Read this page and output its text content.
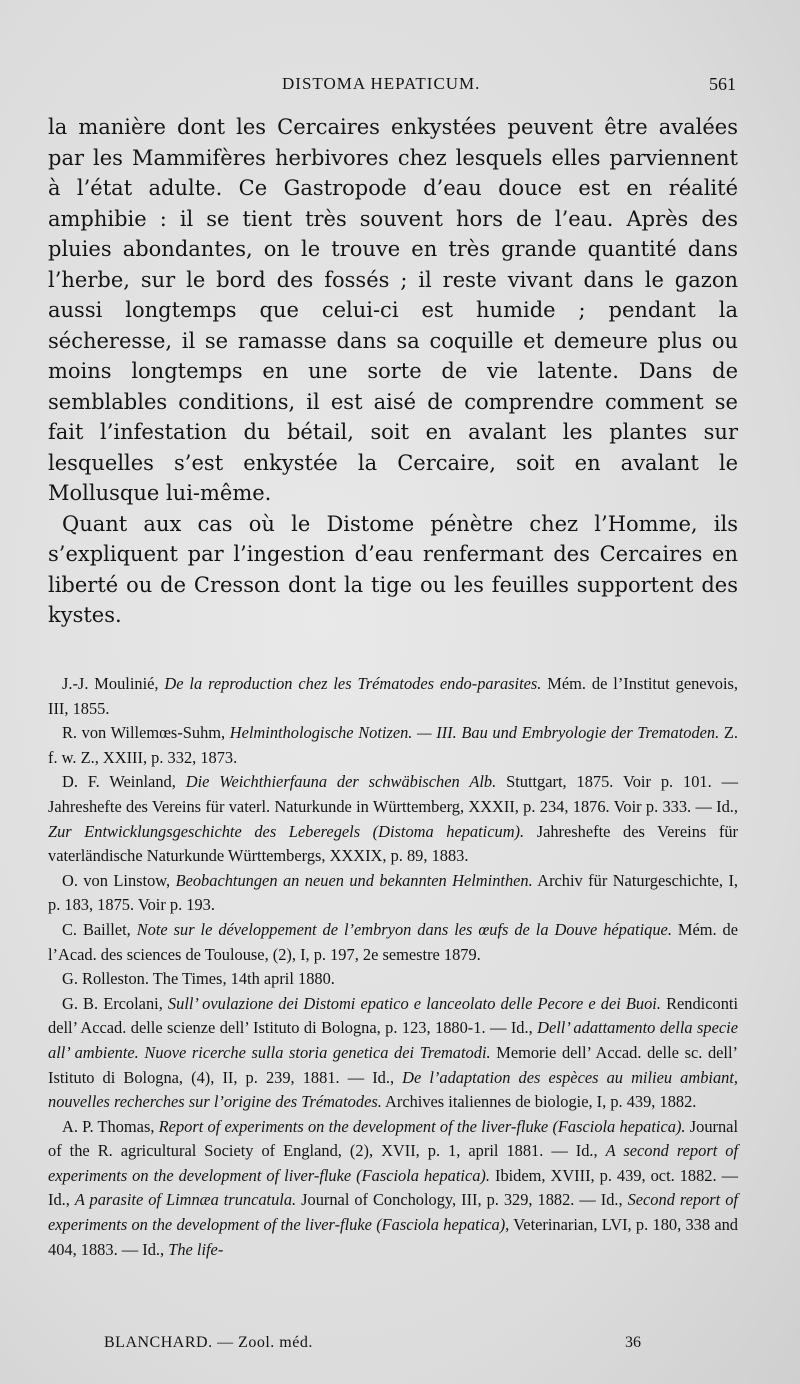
DISTOMA HEPATICUM.	561

la manière dont les Cercaires enkystées peuvent être avalées par les Mammifères herbivores chez lesquels elles parviennent à l’état adulte. Ce Gastropode d’eau douce est en réalité amphibie : il se tient très souvent hors de l’eau. Après des pluies abondantes, on le trouve en très grande quantité dans l’herbe, sur le bord des fossés ; il reste vivant dans le gazon aussi longtemps que celui-ci est humide ; pendant la sécheresse, il se ramasse dans sa coquille et demeure plus ou moins longtemps en une sorte de vie latente. Dans de semblables conditions, il est aisé de comprendre comment se fait l’infestation du bétail, soit en avalant les plantes sur lesquelles s’est enkystée la Cercaire, soit en avalant le Mollusque lui-même.

Quant aux cas où le Distome pénètre chez l’Homme, ils s’expliquent par l’ingestion d’eau renfermant des Cercaires en liberté ou de Cresson dont la tige ou les feuilles supportent des kystes.

J.-J. Moulinié, De la reproduction chez les Trématodes endo-parasites. Mém. de l’Institut genevois, III, 1855.

R. von Willemœs-Suhm, Helminthologische Notizen. — III. Bau und Embryologie der Trematoden. Z. f. w. Z., XXIII, p. 332, 1873.

D. F. Weinland, Die Weichthierfauna der schwäbischen Alb. Stuttgart, 1875. Voir p. 101. — Jahreshefte des Vereins für vaterl. Naturkunde in Württemberg, XXXII, p. 234, 1876. Voir p. 333. — Id., Zur Entwicklungsgeschichte des Leberegels (Distoma hepaticum). Jahreshefte des Vereins für vaterländische Naturkunde Württembergs, XXXIX, p. 89, 1883.

O. von Linstow, Beobachtungen an neuen und bekannten Helminthen. Archiv für Naturgeschichte, I, p. 183, 1875. Voir p. 193.

C. Baillet, Note sur le développement de l’embryon dans les œufs de la Douve hépatique. Mém. de l’Acad. des sciences de Toulouse, (2), I, p. 197, 2e semestre 1879.

G. Rolleston. The Times, 14th april 1880.

G. B. Ercolani, Sull’ ovulazione dei Distomi epatico e lanceolato delle Pecore e dei Buoi. Rendiconti dell’ Accad. delle scienze dell’ Istituto di Bologna, p. 123, 1880-1. — Id., Dell’ adattamento della specie all’ ambiente. Nuove ricerche sulla storia genetica dei Trematodi. Memorie dell’ Accad. delle sc. dell’ Istituto di Bologna, (4), II, p. 239, 1881. — Id., De l’adaptation des espèces au milieu ambiant, nouvelles recherches sur l’origine des Trématodes. Archives italiennes de biologie, I, p. 439, 1882.

A. P. Thomas, Report of experiments on the development of the liver-fluke (Fasciola hepatica). Journal of the R. agricultural Society of England, (2), XVII, p. 1, april 1881. — Id., A second report of experiments on the development of liver-fluke (Fasciola hepatica). Ibidem, XVIII, p. 439, oct. 1882. — Id., A parasite of Limnæa truncatula. Journal of Conchology, III, p. 329, 1882. — Id., Second report of experiments on the development of the liver-fluke (Fasciola hepatica), Veterinarian, LVI, p. 180, 338 and 404, 1883. — Id., The life-

BLANCHARD. — Zool. méd.	36
